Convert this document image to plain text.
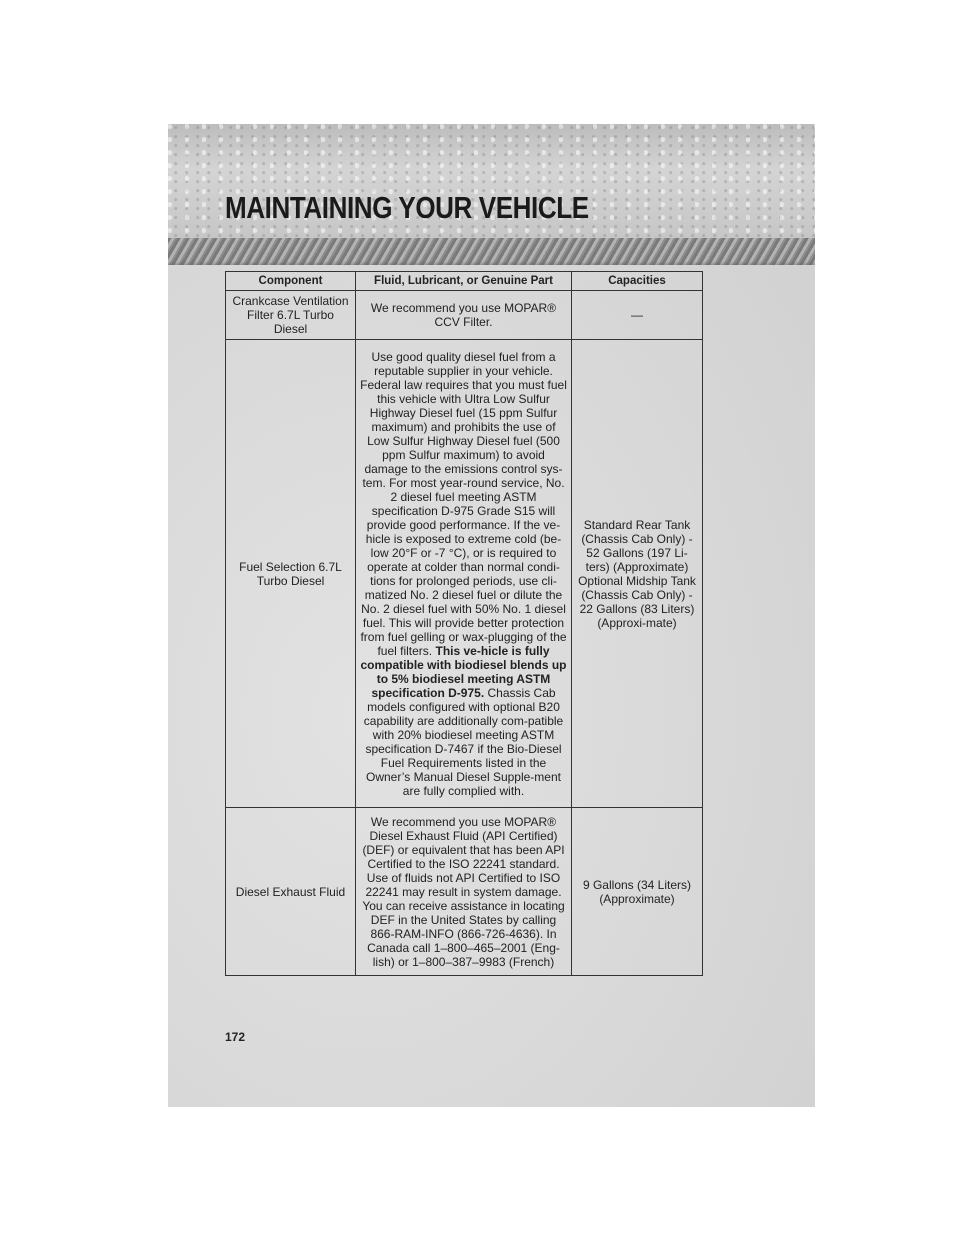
MAINTAINING YOUR VEHICLE
Component	Fluid, Lubricant, or Genuine Part	Capacities
Crankcase Ventilation Filter 6.7L Turbo Diesel	We recommend you use MOPAR® CCV Filter.	—
Fuel Selection 6.7L Turbo Diesel	Use good quality diesel fuel from a reputable supplier in your vehicle. Federal law requires that you must fuel this vehicle with Ultra Low Sulfur Highway Diesel fuel (15 ppm Sulfur maximum) and prohibits the use of Low Sulfur Highway Diesel fuel (500 ppm Sulfur maximum) to avoid damage to the emissions control sys-tem. For most year-round service, No. 2 diesel fuel meeting ASTM specification D-975 Grade S15 will provide good performance. If the ve-hicle is exposed to extreme cold (be-low 20°F or -7 °C), or is required to operate at colder than normal condi-tions for prolonged periods, use cli-matized No. 2 diesel fuel or dilute the No. 2 diesel fuel with 50% No. 1 diesel fuel. This will provide better protection from fuel gelling or wax-plugging of the fuel filters. This ve-hicle is fully compatible with biodiesel blends up to 5% biodiesel meeting ASTM specification D-975. Chassis Cab models configured with optional B20 capability are additionally com-patible with 20% biodiesel meeting ASTM specification D-7467 if the Bio-Diesel Fuel Requirements listed in the Owner’s Manual Diesel Supple-ment are fully complied with.	Standard Rear Tank (Chassis Cab Only) - 52 Gallons (197 Li-ters) (Approximate) Optional Midship Tank (Chassis Cab Only) - 22 Gallons (83 Liters) (Approxi-mate)
Diesel Exhaust Fluid	We recommend you use MOPAR® Diesel Exhaust Fluid (API Certified) (DEF) or equivalent that has been API Certified to the ISO 22241 standard. Use of fluids not API Certified to ISO 22241 may result in system damage. You can receive assistance in locating DEF in the United States by calling 866-RAM-INFO (866-726-4636). In Canada call 1–800–465–2001 (Eng-lish) or 1–800–387–9983 (French)	9 Gallons (34 Liters) (Approximate)
172
